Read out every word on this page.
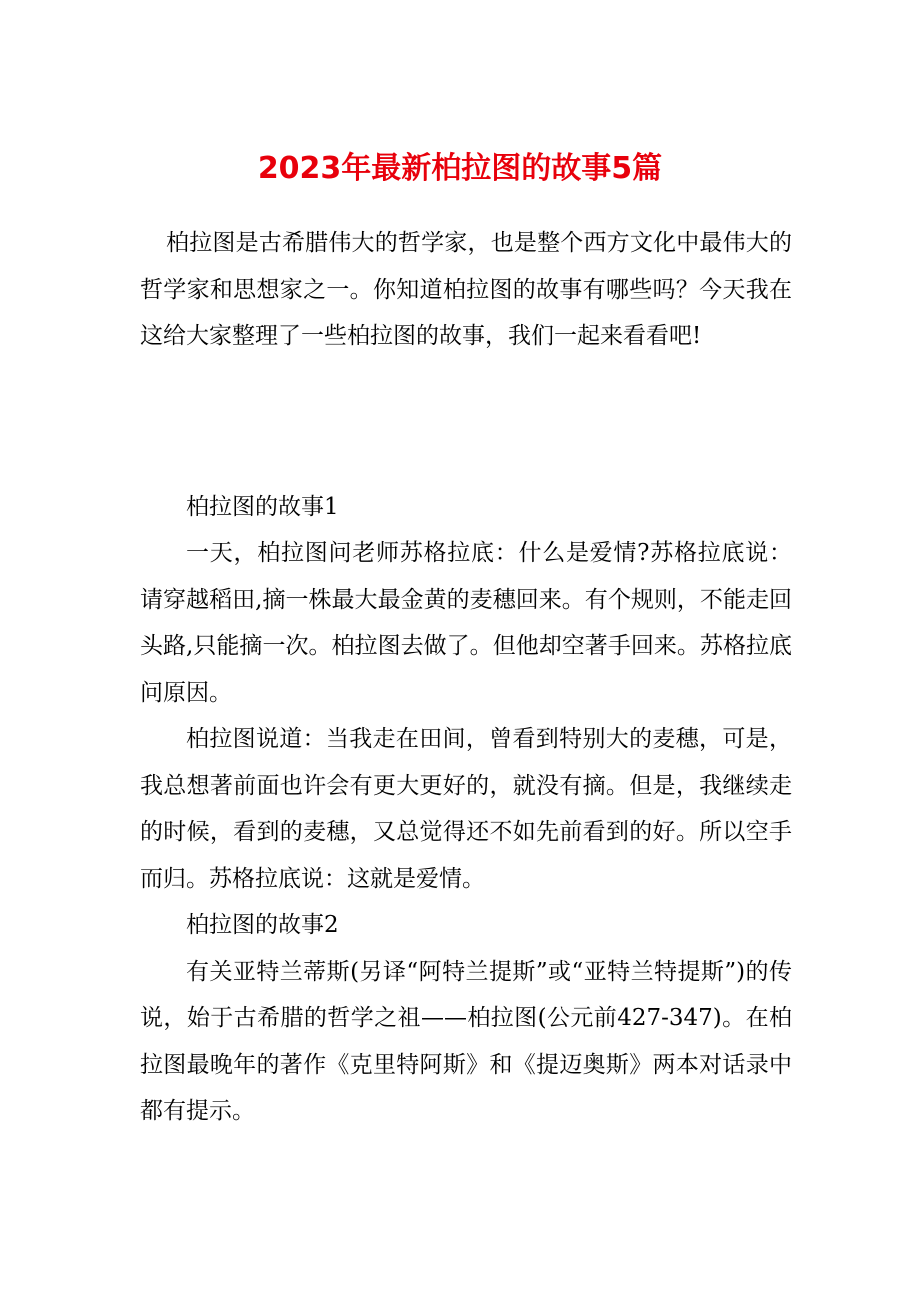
2023年最新柏拉图的故事5篇

柏拉图是古希腊伟大的哲学家，也是整个西方文化中最伟大的哲学家和思想家之一。你知道柏拉图的故事有哪些吗？今天我在这给大家整理了一些柏拉图的故事，我们一起来看看吧!

柏拉图的故事1

一天，柏拉图问老师苏格拉底：什么是爱情?苏格拉底说：请穿越稻田,摘一株最大最金黄的麦穗回来。有个规则，不能走回头路,只能摘一次。柏拉图去做了。但他却空著手回来。苏格拉底问原因。

柏拉图说道：当我走在田间，曾看到特别大的麦穗，可是，我总想著前面也许会有更大更好的，就没有摘。但是，我继续走的时候，看到的麦穗，又总觉得还不如先前看到的好。所以空手而归。苏格拉底说：这就是爱情。

柏拉图的故事2

有关亚特兰蒂斯(另译“阿特兰提斯”或“亚特兰特提斯”)的传说，始于古希腊的哲学之祖——柏拉图(公元前427-347)。在柏拉图最晚年的著作《克里特阿斯》和《提迈奥斯》两本对话录中都有提示。
